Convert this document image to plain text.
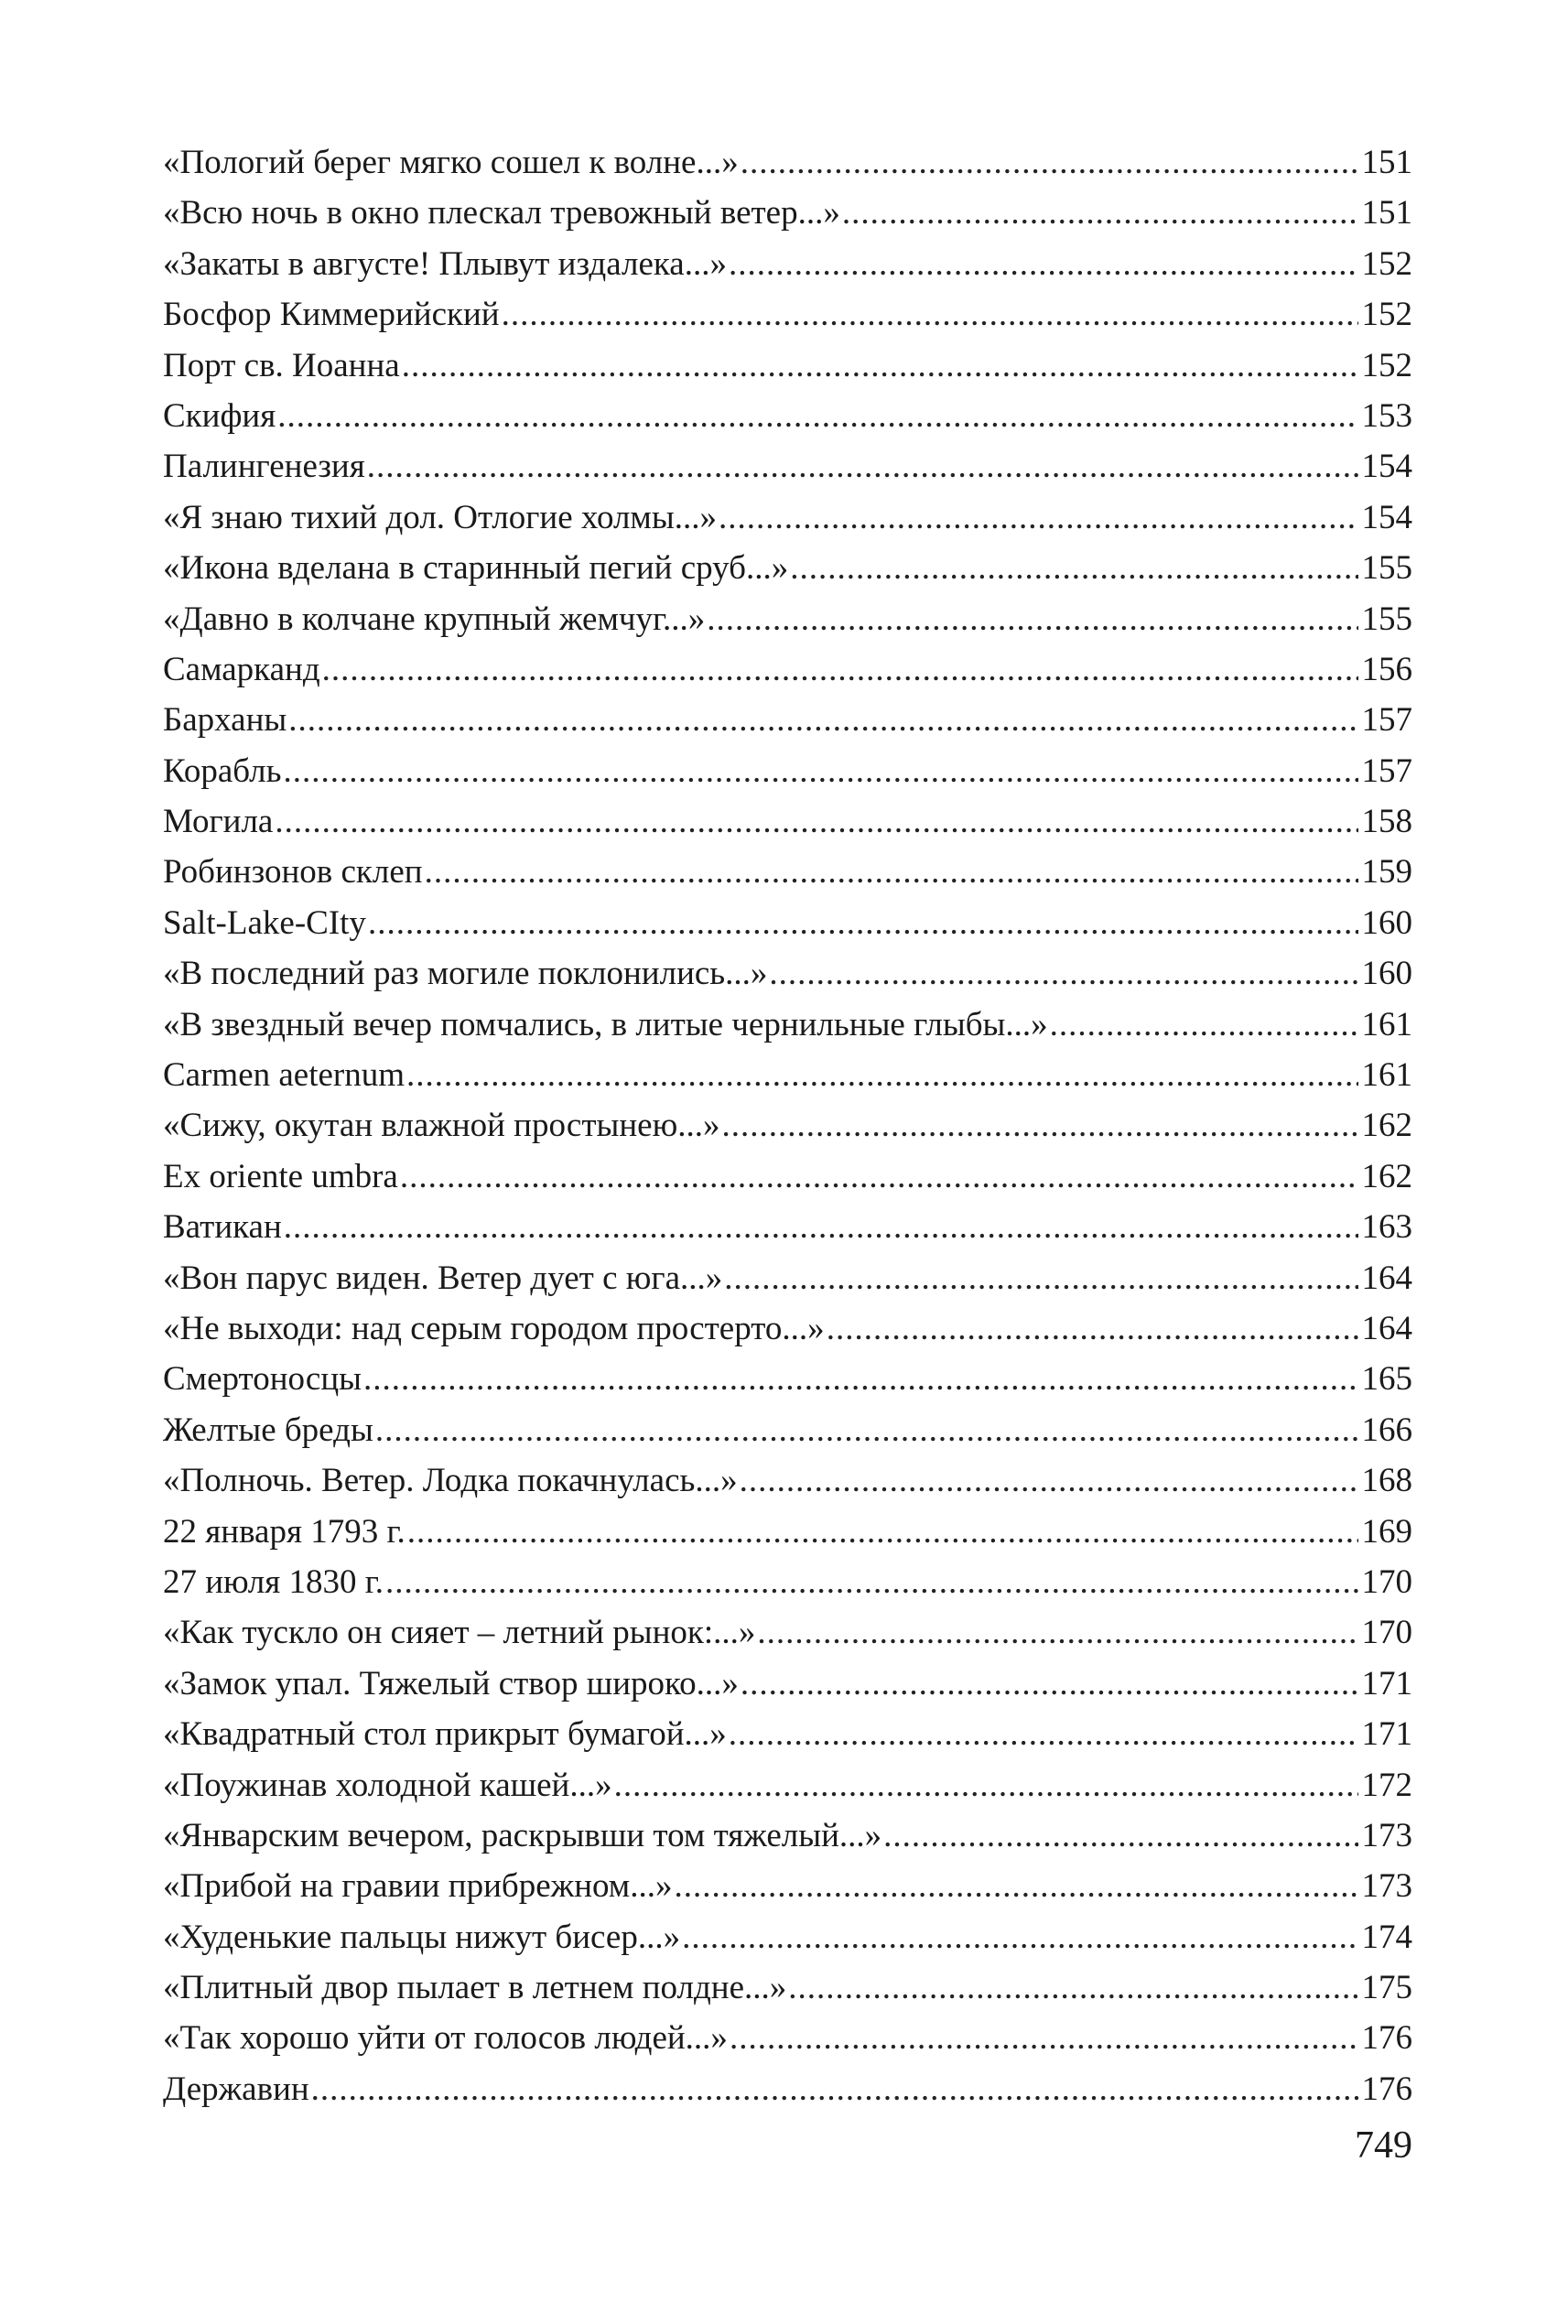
«Пологий берег мягко сошел к волне...» .....	151
«Всю ночь в окно плескал тревожный ветер...» .....	151
«Закаты в августе! Плывут издалека...» .....	152
Босфор Киммерийский .....	152
Порт св. Иоанна .....	152
Скифия .....	153
Палингенезия .....	154
«Я знаю тихий дол. Отлогие холмы...» .....	154
«Икона вделана в старинный пегий сруб...» .....	155
«Давно в колчане крупный жемчуг...» .....	155
Самарканд .....	156
Барханы .....	157
Корабль .....	157
Могила .....	158
Робинзонов склеп .....	159
Salt-Lake-CIty .....	160
«В последний раз могиле поклонились...» .....	160
«В звездный вечер помчались, в литые чернильные глыбы...» .....	161
Carmen aeternum .....	161
«Сижу, окутан влажной простынею...» .....	162
Ex oriente umbra .....	162
Ватикан .....	163
«Вон парус виден. Ветер дует с юга...» .....	164
«Не выходи: над серым городом простерто...» .....	164
Смертоносцы .....	165
Желтые бреды .....	166
«Полночь. Ветер. Лодка покачнулась...» .....	168
22 января 1793 г. .....	169
27 июля 1830 г. .....	170
«Как тускло он сияет – летний рынок:...» .....	170
«Замок упал. Тяжелый створ широко...» .....	171
«Квадратный стол прикрыт бумагой...» .....	171
«Поужинав холодной кашей...» .....	172
«Январским вечером, раскрывши том тяжелый...» .....	173
«Прибой на гравии прибрежном...» .....	173
«Худенькие пальцы нижут бисер...» .....	174
«Плитный двор пылает в летнем полдне...» .....	175
«Так хорошо уйти от голосов людей...» .....	176
Державин .....	176
749
